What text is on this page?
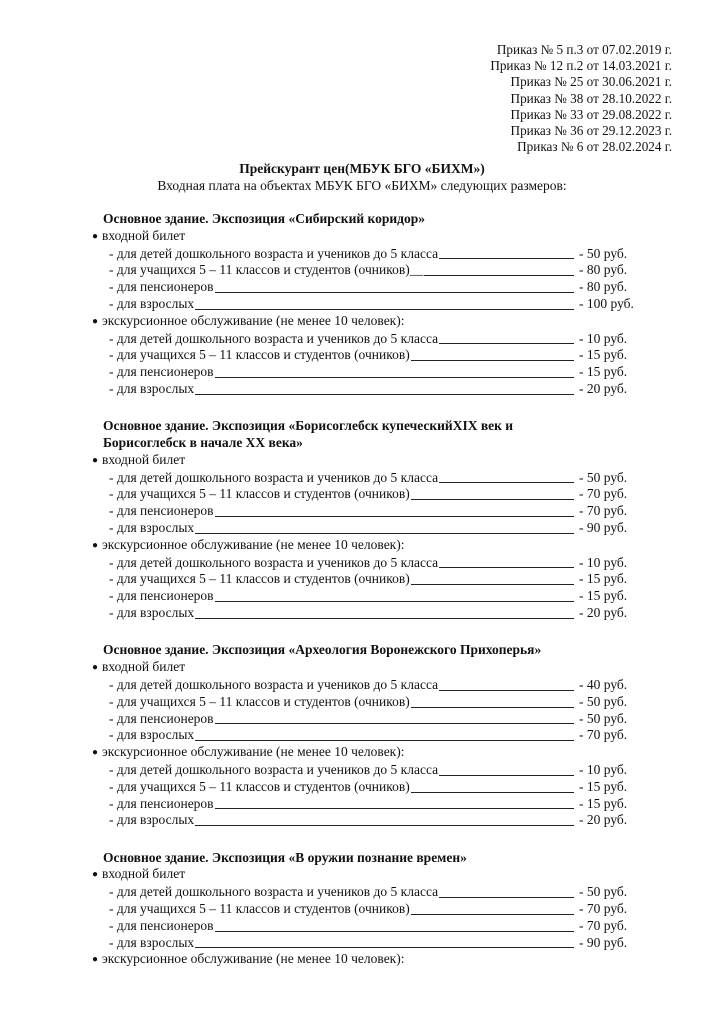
Приказ № 5 п.3 от 07.02.2019 г.
Приказ № 12 п.2 от 14.03.2021 г.
Приказ № 25 от 30.06.2021 г.
Приказ № 38 от 28.10.2022 г.
Приказ № 33 от 29.08.2022 г.
Приказ № 36 от 29.12.2023 г.
Приказ № 6 от 28.02.2024 г.
Прейскурант цен(МБУК БГО «БИХМ»)
Входная плата на объектах МБУК БГО «БИХМ» следующих размеров:
Основное здание. Экспозиция «Сибирский коридор»
● входной билет
- для детей дошкольного возраста и учеников до 5 класса	- 50 руб.
- для учащихся 5 – 11 классов и студентов (очников)__	- 80 руб.
- для пенсионеров	- 80 руб.
- для взрослых	- 100 руб.
● экскурсионное обслуживание (не менее 10 человек):
- для детей дошкольного возраста и учеников до 5 класса	- 10 руб.
- для учащихся 5 – 11 классов и студентов (очников)	- 15 руб.
- для пенсионеров	- 15 руб.
- для взрослых	- 20 руб.
Основное здание. Экспозиция «Борисоглебск купеческийXIX век и
Борисоглебск в начале XX века»
● входной билет
- для детей дошкольного возраста и учеников до 5 класса	- 50 руб.
- для учащихся 5 – 11 классов и студентов (очников)	- 70 руб.
- для пенсионеров	- 70 руб.
- для взрослых	- 90 руб.
● экскурсионное обслуживание (не менее 10 человек):
- для детей дошкольного возраста и учеников до 5 класса	- 10 руб.
- для учащихся 5 – 11 классов и студентов (очников)	- 15 руб.
- для пенсионеров	- 15 руб.
- для взрослых	- 20 руб.
Основное здание. Экспозиция «Археология Воронежского Прихоперья»
● входной билет
- для детей дошкольного возраста и учеников до 5 класса	- 40 руб.
- для учащихся 5 – 11 классов и студентов (очников)	- 50 руб.
- для пенсионеров	- 50 руб.
- для взрослых	- 70 руб.
● экскурсионное обслуживание (не менее 10 человек):
- для детей дошкольного возраста и учеников до 5 класса	- 10 руб.
- для учащихся 5 – 11 классов и студентов (очников)	- 15 руб.
- для пенсионеров	- 15 руб.
- для взрослых	- 20 руб.
Основное здание. Экспозиция «В оружии познание времен»
● входной билет
- для детей дошкольного возраста и учеников до 5 класса	- 50 руб.
- для учащихся 5 – 11 классов и студентов (очников)	- 70 руб.
- для пенсионеров	- 70 руб.
- для взрослых	- 90 руб.
● экскурсионное обслуживание (не менее 10 человек):
